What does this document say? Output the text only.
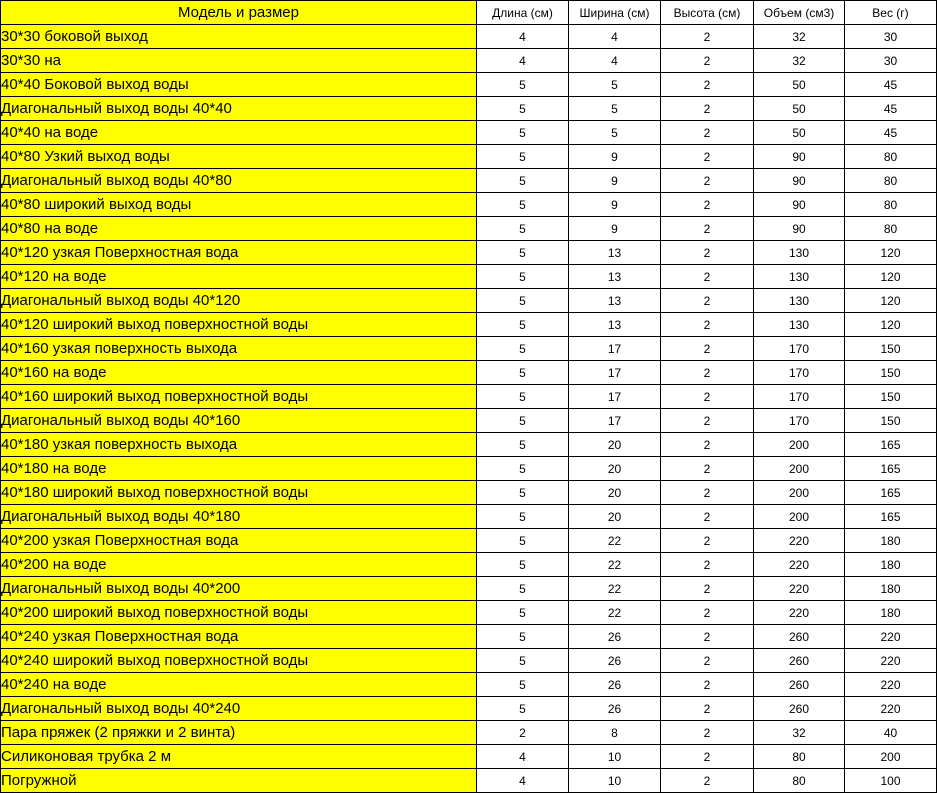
Модель и размер	Длина (см)	Ширина (см)	Высота (см)	Объем (см3)	Вес (г)
30*30 боковой выход	4	4	2	32	30
30*30 на	4	4	2	32	30
40*40 Боковой выход воды	5	5	2	50	45
Диагональный выход воды 40*40	5	5	2	50	45
40*40 на воде	5	5	2	50	45
40*80 Узкий выход воды	5	9	2	90	80
Диагональный выход воды 40*80	5	9	2	90	80
40*80 широкий выход воды	5	9	2	90	80
40*80 на воде	5	9	2	90	80
40*120 узкая Поверхностная вода	5	13	2	130	120
40*120 на воде	5	13	2	130	120
Диагональный выход воды 40*120	5	13	2	130	120
40*120 широкий выход поверхностной воды	5	13	2	130	120
40*160 узкая поверхность выхода	5	17	2	170	150
40*160 на воде	5	17	2	170	150
40*160 широкий выход поверхностной воды	5	17	2	170	150
Диагональный выход воды 40*160	5	17	2	170	150
40*180 узкая поверхность выхода	5	20	2	200	165
40*180 на воде	5	20	2	200	165
40*180 широкий выход поверхностной воды	5	20	2	200	165
Диагональный выход воды 40*180	5	20	2	200	165
40*200 узкая Поверхностная вода	5	22	2	220	180
40*200 на воде	5	22	2	220	180
Диагональный выход воды 40*200	5	22	2	220	180
40*200 широкий выход поверхностной воды	5	22	2	220	180
40*240 узкая Поверхностная вода	5	26	2	260	220
40*240 широкий выход поверхностной воды	5	26	2	260	220
40*240 на воде	5	26	2	260	220
Диагональный выход воды 40*240	5	26	2	260	220
Пара пряжек (2 пряжки и 2 винта)	2	8	2	32	40
Силиконовая трубка 2 м	4	10	2	80	200
Погружной	4	10	2	80	100
